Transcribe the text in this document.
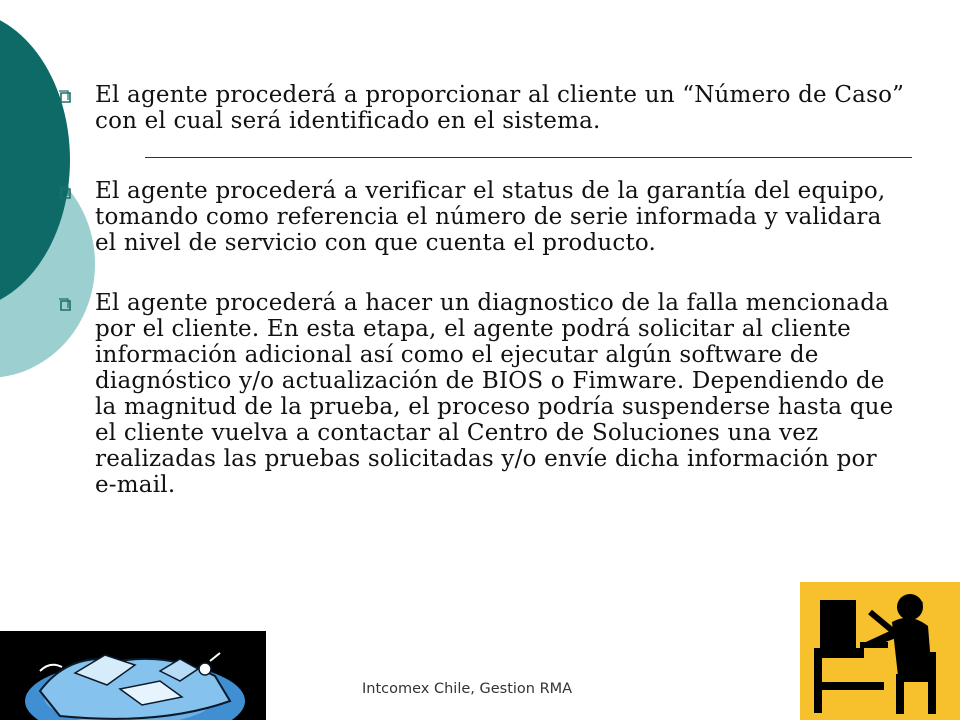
El agente procederá a proporcionar al cliente un “Número de Caso” con el cual será identificado en el sistema.
El agente procederá a verificar el status de la garantía del equipo, tomando como referencia el número de serie informada y validara el nivel de servicio con que cuenta el producto.
El agente procederá a hacer un diagnostico de la falla mencionada por el cliente. En esta etapa, el agente podrá solicitar al cliente información adicional así como el ejecutar algún software de diagnóstico y/o actualización de BIOS o Fimware. Dependiendo de la magnitud de la prueba, el proceso podría suspenderse hasta que el cliente vuelva a contactar al Centro de Soluciones una vez realizadas las pruebas solicitadas y/o envíe dicha información por e-mail.
Intcomex Chile, Gestion RMA
